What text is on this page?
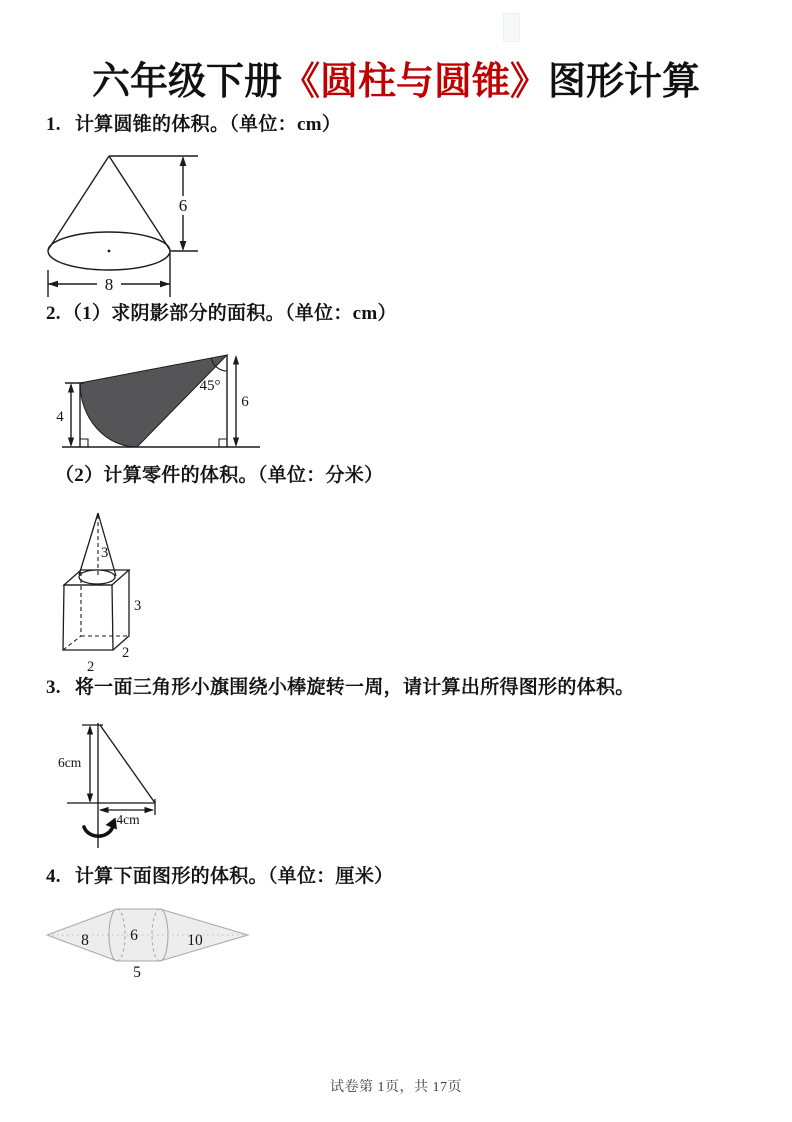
六年级下册《圆柱与圆锥》图形计算
1. 计算圆锥的体积。（单位：cm）
6
8
2. （1）求阴影部分的面积。（单位：cm）
4
45°
6
（2）计算零件的体积。（单位：分米）
3
3
2
2
3. 将一面三角形小旗围绕小棒旋转一周，请计算出所得图形的体积。
6cm
4cm
4. 计算下面图形的体积。（单位：厘米）
8	6	10
5
试卷第 1页，共 17页
